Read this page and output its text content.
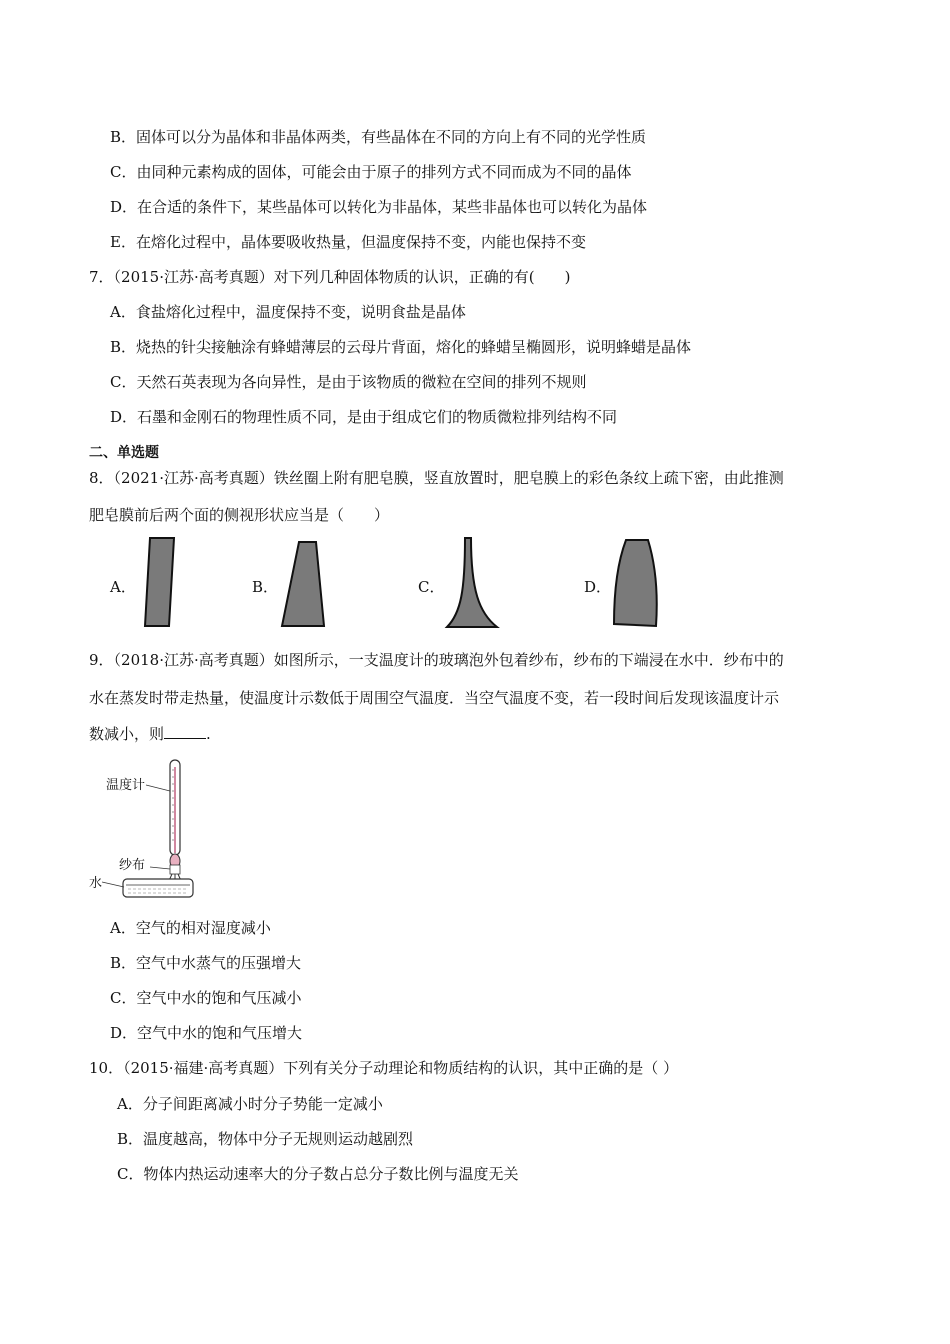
B．固体可以分为晶体和非晶体两类，有些晶体在不同的方向上有不同的光学性质
C．由同种元素构成的固体，可能会由于原子的排列方式不同而成为不同的晶体
D．在合适的条件下，某些晶体可以转化为非晶体，某些非晶体也可以转化为晶体
E．在熔化过程中，晶体要吸收热量，但温度保持不变，内能也保持不变
7．（2015·江苏·高考真题）对下列几种固体物质的认识，正确的有(　　)
A．食盐熔化过程中，温度保持不变，说明食盐是晶体
B．烧热的针尖接触涂有蜂蜡薄层的云母片背面，熔化的蜂蜡呈椭圆形，说明蜂蜡是晶体
C．天然石英表现为各向异性，是由于该物质的微粒在空间的排列不规则
D．石墨和金刚石的物理性质不同，是由于组成它们的物质微粒排列结构不同
二、单选题
8．（2021·江苏·高考真题）铁丝圈上附有肥皂膜，竖直放置时，肥皂膜上的彩色条纹上疏下密，由此推测
肥皂膜前后两个面的侧视形状应当是（　　）
A．	B．	C．	D．
9．（2018·江苏·高考真题）如图所示，一支温度计的玻璃泡外包着纱布，纱布的下端浸在水中．纱布中的
水在蒸发时带走热量，使温度计示数低于周围空气温度．当空气温度不变，若一段时间后发现该温度计示
数减小，则	.
温度计
纱布
水
A．空气的相对湿度减小
B．空气中水蒸气的压强增大
C．空气中水的饱和气压减小
D．空气中水的饱和气压增大
10．（2015·福建·高考真题）下列有关分子动理论和物质结构的认识，其中正确的是（ ）
A．分子间距离减小时分子势能一定减小
B．温度越高，物体中分子无规则运动越剧烈
C．物体内热运动速率大的分子数占总分子数比例与温度无关
